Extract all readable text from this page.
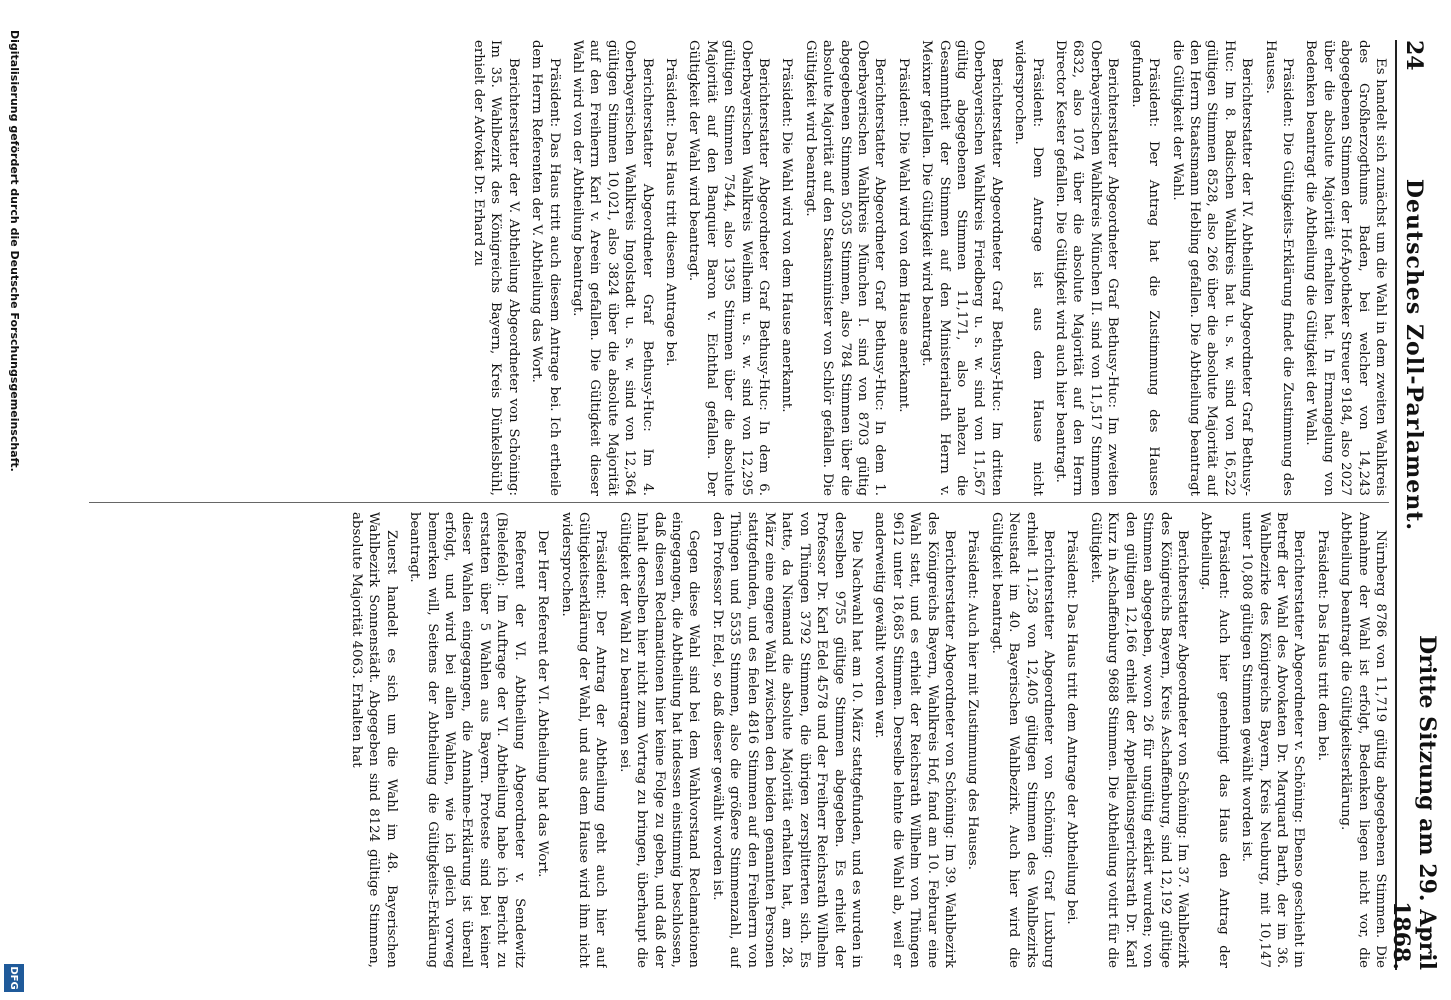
24
Deutsches Zoll-Parlament.
Dritte Sitzung am 29. April 1868.

Es handelt sich zunächst um die Wahl in dem zweiten Wahlkreis des Großherzogthums Baden, bei welcher von 14,243 abgegebenen Stimmen der Hof-Apotheker Streuer 9184, also 2027 über die absolute Majorität erhalten hat. In Ermangelung von Bedenken beantragt die Abtheilung die Gültigkeit der Wahl.

Präsident: Die Gültigkeits-Erklärung findet die Zustimmung des Hauses.

Berichterstatter der IV. Abtheilung Abgeordneter Graf Bethusy-Huc: Im 8. Badischen Wahlkreis hat u. s. w. sind von 16,522 gültigen Stimmen 8528, also 266 über die absolute Majorität auf den Herrn Staatsmann Hebling gefallen. Die Abtheilung beantragt die Gültigkeit der Wahl.

Präsident: Der Antrag hat die Zustimmung des Hauses gefunden.

Berichterstatter Abgeordneter Graf Bethusy-Huc: Im zweiten Oberbayerischen Wahlkreis München II. sind von 11,517 Stimmen 6832, also 1074 über die absolute Majorität auf den Herrn Director Kester gefallen. Die Gültigkeit wird auch hier beantragt.

Präsident: Dem Antrage ist aus dem Hause nicht widersprochen.

Berichterstatter Abgeordneter Graf Bethusy-Huc: Im dritten Oberbayerischen Wahlkreis Friedberg u. s. w. sind von 11,567 gültig abgegebenen Stimmen 11,171, also nahezu die Gesammtheit der Stimmen auf den Ministerialrath Herrn v. Meixner gefallen. Die Gültigkeit wird beantragt.

Präsident: Die Wahl wird von dem Hause anerkannt.

Berichterstatter Abgeordneter Graf Bethusy-Huc: In dem 1. Oberbayerischen Wahlkreis München I. sind von 8703 gültig abgegebenen Stimmen 5035 Stimmen, also 784 Stimmen über die absolute Majorität auf den Staatsminister von Schlör gefallen. Die Gültigkeit wird beantragt.

Präsident: Die Wahl wird von dem Hause anerkannt.

Berichterstatter Abgeordneter Graf Bethusy-Huc: In dem 6. Oberbayerischen Wahlkreis Weilheim u. s. w. sind von 12,295 gültigen Stimmen 7544, also 1395 Stimmen über die absolute Majorität auf den Banquier Baron v. Eichthal gefallen. Der Gültigkeit der Wahl wird beantragt.

Präsident: Das Haus tritt diesem Antrage bei.

Berichterstatter Abgeordneter Graf Bethusy-Huc: Im 4. Oberbayerischen Wahlkreis Ingolstadt u. s. w. sind von 12,364 gültigen Stimmen 10,021, also 3824 über die absolute Majorität auf den Freiherrn Karl v. Areein gefallen. Die Gültigkeit dieser Wahl wird von der Abtheilung beantragt.

Präsident: Das Haus tritt auch diesem Antrage bei. Ich ertheile dem Herrn Referenten der V. Abtheilung das Wort.

Berichterstatter der V. Abtheilung Abgeordneter von Schöning: Im 35. Wahlbezirk des Königreichs Bayern, Kreis Dünkelsbühl, erhielt der Advokat Dr. Erhard zu

Nürnberg 8786 von 11,719 gültig abgegebenen Stimmen. Die Annahme der Wahl ist erfolgt, Bedenken liegen nicht vor, die Abtheilung beantragt die Gültigkeitserklärung.

Präsident: Das Haus tritt dem bei.

Berichterstatter Abgeordneter v. Schöning: Ebenso geschieht im Betreff der Wahl des Abvokaten Dr. Marquard Barth, der im 36. Wahlbezirke des Königreichs Bayern, Kreis Neuburg, mit 10,147 unter 10,808 gültigen Stimmen gewählt worden ist.

Präsident: Auch hier genehmigt das Haus den Antrag der Abtheilung.

Berichterstatter Abgeordneter von Schöning: Im 37. Wahlbezirk des Königreichs Bayern, Kreis Aschaffenburg, sind 12,192 gültige Stimmen abgegeben, wovon 26 für ungültig erklärt wurden; von den gültigen 12,166 erhielt der Appellationsgerichtsrath Dr. Karl Kurz in Aschaffenburg 9688 Stimmen. Die Abtheilung votirt für die Gültigkeit.

Präsident: Das Haus tritt dem Antrage der Abtheilung bei.

Berichterstatter Abgeordneter von Schöning: Graf Luxburg erhielt 11,258 von 12,405 gültigen Stimmen des Wahlbezirks Neustadt im 40. Bayerischen Wahlbezirk. Auch hier wird die Gültigkeit beantragt.

Präsident: Auch hier mit Zustimmung des Hauses.

Berichterstatter Abgeordneter von Schöning: Im 39. Wahlbezirk des Königreichs Bayern, Wahlkreis Hof, fand am 10. Februar eine Wahl statt, und es erhielt der Reichsrath Wilhelm von Thüngen 9612 unter 18,685 Stimmen. Derselbe lehnte die Wahl ab, weil er anderweitig gewählt worden war.

Die Nachwahl hat am 10. März stattgefunden, und es wurden in derselben 9755 gültige Stimmen abgegeben. Es erhielt der Professor Dr. Karl Edel 4578 und der Freiherr Reichsrath Wilhelm von Thüngen 3792 Stimmen, die übrigen zersplitterten sich. Es hatte, da Niemand die absolute Majorität erhalten hat, am 28. März eine engere Wahl zwischen den beiden genannten Personen stattgefunden, und es fielen 4816 Stimmen auf den Freiherrn von Thüngen und 5535 Stimmen, also die größere Stimmenzahl, auf den Professor Dr. Edel, so daß dieser gewählt worden ist.

Gegen diese Wahl sind bei dem Wahlvorstand Reclamationen eingegangen, die Abtheilung hat indessen einstimmig beschlossen, daß diesen Reclamationen hier keine Folge zu geben, und daß der Inhalt derselben hier nicht zum Vortrag zu bringen, überhaupt die Gültigkeit der Wahl zu beantragen sei.

Präsident: Der Antrag der Abtheilung geht auch hier auf Gültigkeitserklärung der Wahl, und aus dem Hause wird ihm nicht widersprochen.

Der Herr Referent der VI. Abtheilung hat das Wort.

Referent der VI. Abtheilung Abgeordneter v. Sendewitz (Bielefeld): Im Auftrage der VI. Abtheilung habe ich Bericht zu erstatten über 5 Wahlen aus Bayern. Proteste sind bei keiner dieser Wahlen eingegangen, die Annahme-Erklärung ist überall erfolgt, und wird bei allen Wahlen, wie ich gleich vorweg bemerken will, Seitens der Abtheilung die Gültigkeits-Erklärung beantragt.

Zuerst handelt es sich um die Wahl im 48. Bayerischen Wahlbezirk Sonnenstädt. Abgegeben sind 8124 gültige Stimmen, absolute Majorität 4063. Erhalten hat

Digitalisierung gefördert durch die Deutsche Forschungsgemeinschaft.
DFG
